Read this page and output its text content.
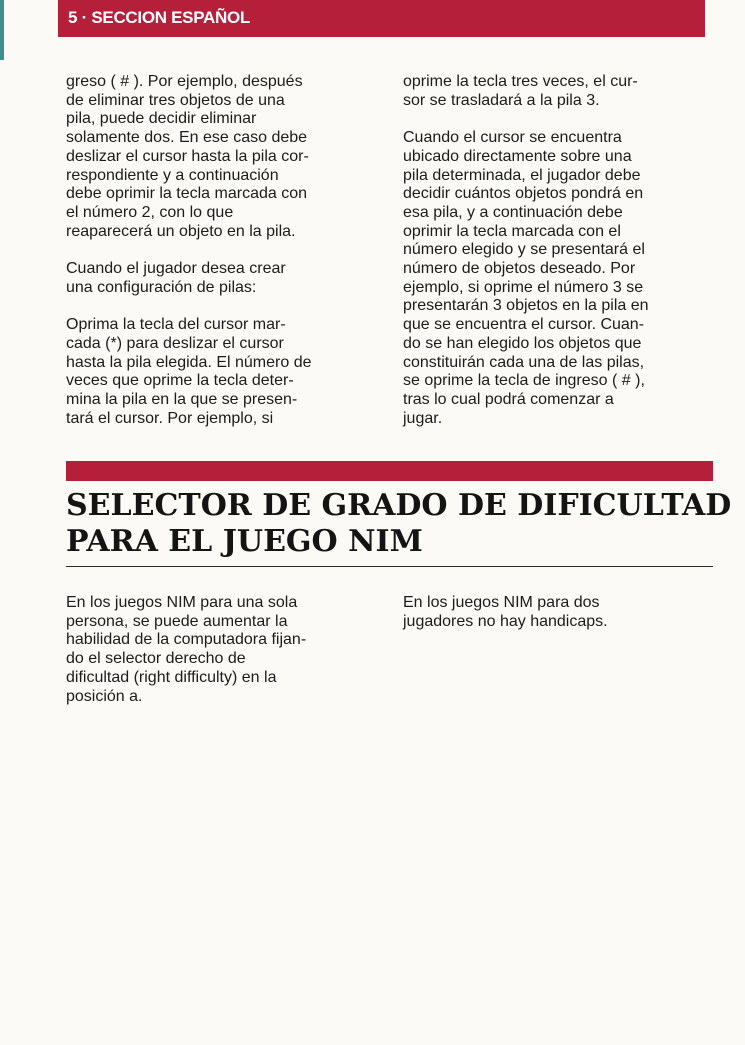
5 · SECCION ESPAÑOL

greso ( # ). Por ejemplo, después
de eliminar tres objetos de una
pila, puede decidir eliminar
solamente dos. En ese caso debe
deslizar el cursor hasta la pila cor-
respondiente y a continuación
debe oprimir la tecla marcada con
el número 2, con lo que
reaparecerá un objeto en la pila.

Cuando el jugador desea crear
una configuración de pilas:

Oprima la tecla del cursor mar-
cada (*) para deslizar el cursor
hasta la pila elegida. El número de
veces que oprime la tecla deter-
mina la pila en la que se presen-
tará el cursor. Por ejemplo, si

oprime la tecla tres veces, el cur-
sor se trasladará a la pila 3.

Cuando el cursor se encuentra
ubicado directamente sobre una
pila determinada, el jugador debe
decidir cuántos objetos pondrá en
esa pila, y a continuación debe
oprimir la tecla marcada con el
número elegido y se presentará el
número de objetos deseado. Por
ejemplo, si oprime el número 3 se
presentarán 3 objetos en la pila en
que se encuentra el cursor. Cuan-
do se han elegido los objetos que
constituirán cada una de las pilas,
se oprime la tecla de ingreso ( # ),
tras lo cual podrá comenzar a
jugar.

SELECTOR DE GRADO DE DIFICULTAD
PARA EL JUEGO NIM

En los juegos NIM para una sola
persona, se puede aumentar la
habilidad de la computadora fijan-
do el selector derecho de
dificultad (right difficulty) en la
posición a.

En los juegos NIM para dos
jugadores no hay handicaps.
